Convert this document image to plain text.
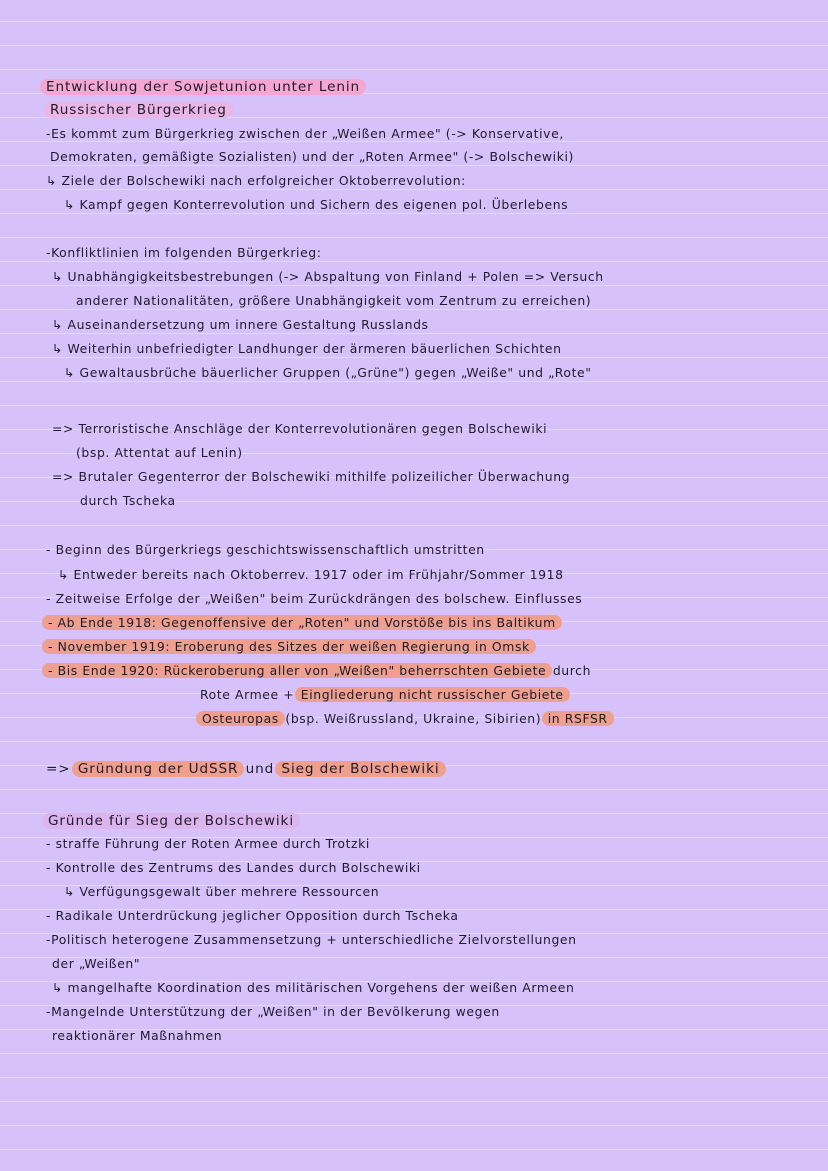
Entwicklung der Sowjetunion unter Lenin
Russischer Bürgerkrieg
-Es kommt zum Bürgerkrieg zwischen der „Weißen Armee" (-> Konservative,
Demokraten, gemäßigte Sozialisten) und der „Roten Armee" (-> Bolschewiki)
↳ Ziele der Bolschewiki nach erfolgreicher Oktoberrevolution:
↳ Kampf gegen Konterrevolution und Sichern des eigenen pol. Überlebens
-Konfliktlinien im folgenden Bürgerkrieg:
↳ Unabhängigkeitsbestrebungen (-> Abspaltung von Finland + Polen => Versuch
anderer Nationalitäten, größere Unabhängigkeit vom Zentrum zu erreichen)
↳ Auseinandersetzung um innere Gestaltung Russlands
↳ Weiterhin unbefriedigter Landhunger der ärmeren bäuerlichen Schichten
↳ Gewaltausbrüche bäuerlicher Gruppen („Grüne") gegen „Weiße" und „Rote"
=> Terroristische Anschläge der Konterrevolutionären gegen Bolschewiki
(bsp. Attentat auf Lenin)
=> Brutaler Gegenterror der Bolschewiki mithilfe polizeilicher Überwachung
durch Tscheka
- Beginn des Bürgerkriegs geschichtswissenschaftlich umstritten
↳ Entweder bereits nach Oktoberrev. 1917 oder im Frühjahr/Sommer 1918
- Zeitweise Erfolge der „Weißen" beim Zurückdrängen des bolschew. Einflusses
- Ab Ende 1918: Gegenoffensive der „Roten" und Vorstöße bis ins Baltikum
- November 1919: Eroberung des Sitzes der weißen Regierung in Omsk
- Bis Ende 1920: Rückeroberung aller von „Weißen" beherrschten Gebiete durch
Rote Armee + Eingliederung nicht russischer Gebiete
Osteuropas (bsp. Weißrussland, Ukraine, Sibirien) in RSFSR
=> Gründung der UdSSR und Sieg der Bolschewiki
Gründe für Sieg der Bolschewiki
- straffe Führung der Roten Armee durch Trotzki
- Kontrolle des Zentrums des Landes durch Bolschewiki
↳ Verfügungsgewalt über mehrere Ressourcen
- Radikale Unterdrückung jeglicher Opposition durch Tscheka
-Politisch heterogene Zusammensetzung + unterschiedliche Zielvorstellungen
der „Weißen"
↳ mangelhafte Koordination des militärischen Vorgehens der weißen Armeen
-Mangelnde Unterstützung der „Weißen" in der Bevölkerung wegen
reaktionärer Maßnahmen
